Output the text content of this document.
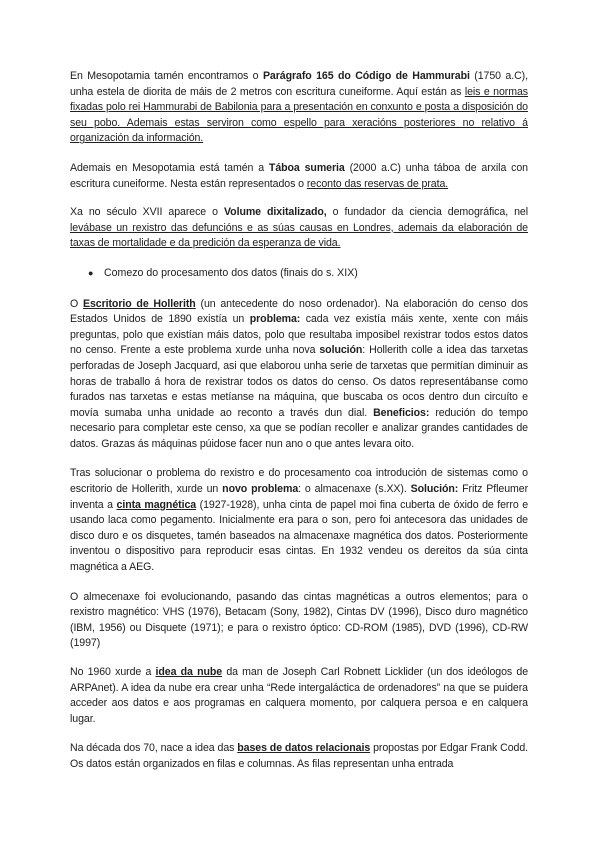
En Mesopotamia tamén encontramos o Parágrafo 165 do Código de Hammurabi (1750 a.C), unha estela de diorita de máis de 2 metros con escritura cuneiforme. Aquí están as leis e normas fixadas polo rei Hammurabi de Babilonia para a presentación en conxunto e posta a disposición do seu pobo. Ademais estas serviron como espello para xeracións posteriores no relativo á organización da información.

Ademais en Mesopotamia está tamén a Táboa sumeria (2000 a.C) unha táboa de arxila con escritura cuneiforme. Nesta están representados o reconto das reservas de prata.

Xa no século XVII aparece o Volume dixitalizado, o fundador da ciencia demográfica, nel levábase un rexistro das defuncións e as súas causas en Londres, ademais da elaboración de taxas de mortalidade e da predición da esperanza de vida.

● Comezo do procesamento dos datos (finais do s. XIX)

O Escritorio de Hollerith (un antecedente do noso ordenador). Na elaboración do censo dos Estados Unidos de 1890 existía un problema: cada vez existía máis xente, xente con máis preguntas, polo que existían máis datos, polo que resultaba imposibel rexistrar todos estos datos no censo. Frente a este problema xurde unha nova solución: Hollerith colle a idea das tarxetas perforadas de Joseph Jacquard, asi que elaborou unha serie de tarxetas que permitían diminuir as horas de traballo á hora de rexistrar todos os datos do censo. Os datos representábanse como furados nas tarxetas e estas metíanse na máquina, que buscaba os ocos dentro dun circuíto e movía sumaba unha unidade ao reconto a través dun dial. Beneficios: redución do tempo necesario para completar este censo, xa que se podían recoller e analizar grandes cantidades de datos. Grazas ás máquinas púidose facer nun ano o que antes levara oito.

Tras solucionar o problema do rexistro e do procesamento coa introdución de sistemas como o escritorio de Hollerith, xurde un novo problema: o almacenaxe (s.XX). Solución: Fritz Pfleumer inventa a cinta magnética (1927-1928), unha cinta de papel moi fina cuberta de óxido de ferro e usando laca como pegamento. Inicialmente era para o son, pero foi antecesora das unidades de disco duro e os disquetes, tamén baseados na almacenaxe magnética dos datos. Posteriormente inventou o dispositivo para reproducir esas cintas. En 1932 vendeu os dereitos da súa cinta magnética a AEG.

O almecenaxe foi evolucionando, pasando das cintas magnéticas a outros elementos; para o rexistro magnético: VHS (1976), Betacam (Sony, 1982), Cintas DV (1996), Disco duro magnético (IBM, 1956) ou Disquete (1971); e para o rexistro óptico: CD-ROM (1985), DVD (1996), CD-RW (1997)

No 1960 xurde a idea da nube da man de Joseph Carl Robnett Licklider (un dos ideólogos de ARPAnet). A idea da nube era crear unha “Rede intergaláctica de ordenadores” na que se puidera acceder aos datos e aos programas en calquera momento, por calquera persoa e en calquera lugar.

Na década dos 70, nace a idea das bases de datos relacionais propostas por Edgar Frank Codd. Os datos están organizados en filas e columnas. As filas representan unha entrada
